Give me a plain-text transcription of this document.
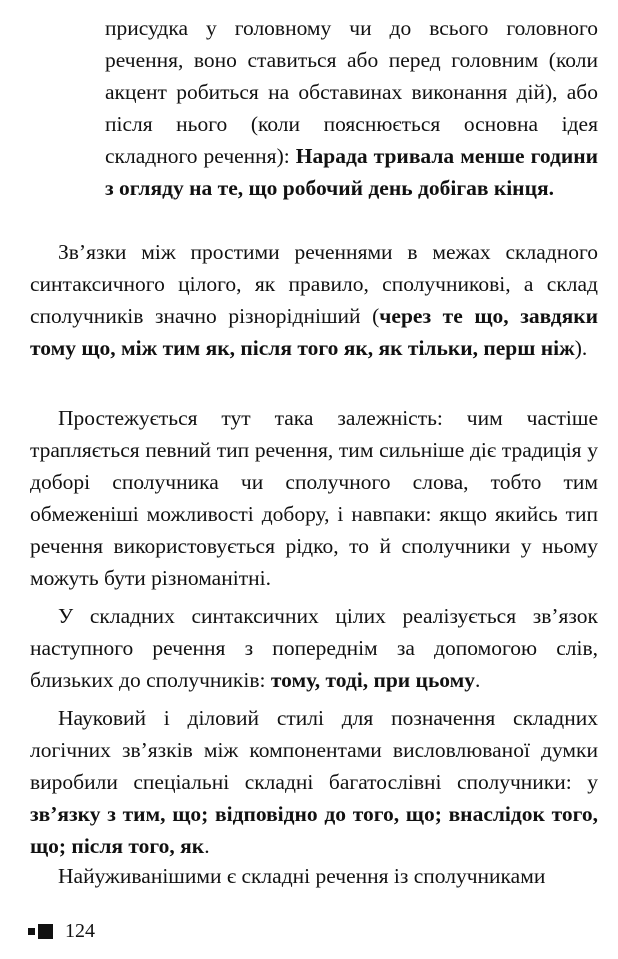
присудка у головному чи до всього головного речення, воно ставиться або перед головним (коли акцент робиться на обставинах виконання дій), або після нього (коли пояснюється основна ідея складного речення): Нарада тривала менше години з огляду на те, що робочий день добігав кінця.

Зв’язки між простими реченнями в межах складного синтаксичного цілого, як правило, сполучникові, а склад сполучників значно різнорідніший (через те що, завдяки тому що, між тим як, після того як, як тільки, перш ніж).

Простежується тут така залежність: чим частіше трапляється певний тип речення, тим сильніше діє традиція у доборі сполучника чи сполучного слова, тобто тим обмеженіші можливості добору, і навпаки: якщо якийсь тип речення використовується рідко, то й сполучники у ньому можуть бути різноманітні.

У складних синтаксичних цілих реалізується зв’язок наступного речення з попереднім за допомогою слів, близьких до сполучників: тому, тоді, при цьому.

Науковий і діловий стилі для позначення складних логічних зв’язків між компонентами висловлюваної думки виробили спеціальні складні багатослівні сполучники: у зв’язку з тим, що; відповідно до того, що; внаслідок того, що; після того, як.

Найуживанішими є складні речення із сполучниками

124
